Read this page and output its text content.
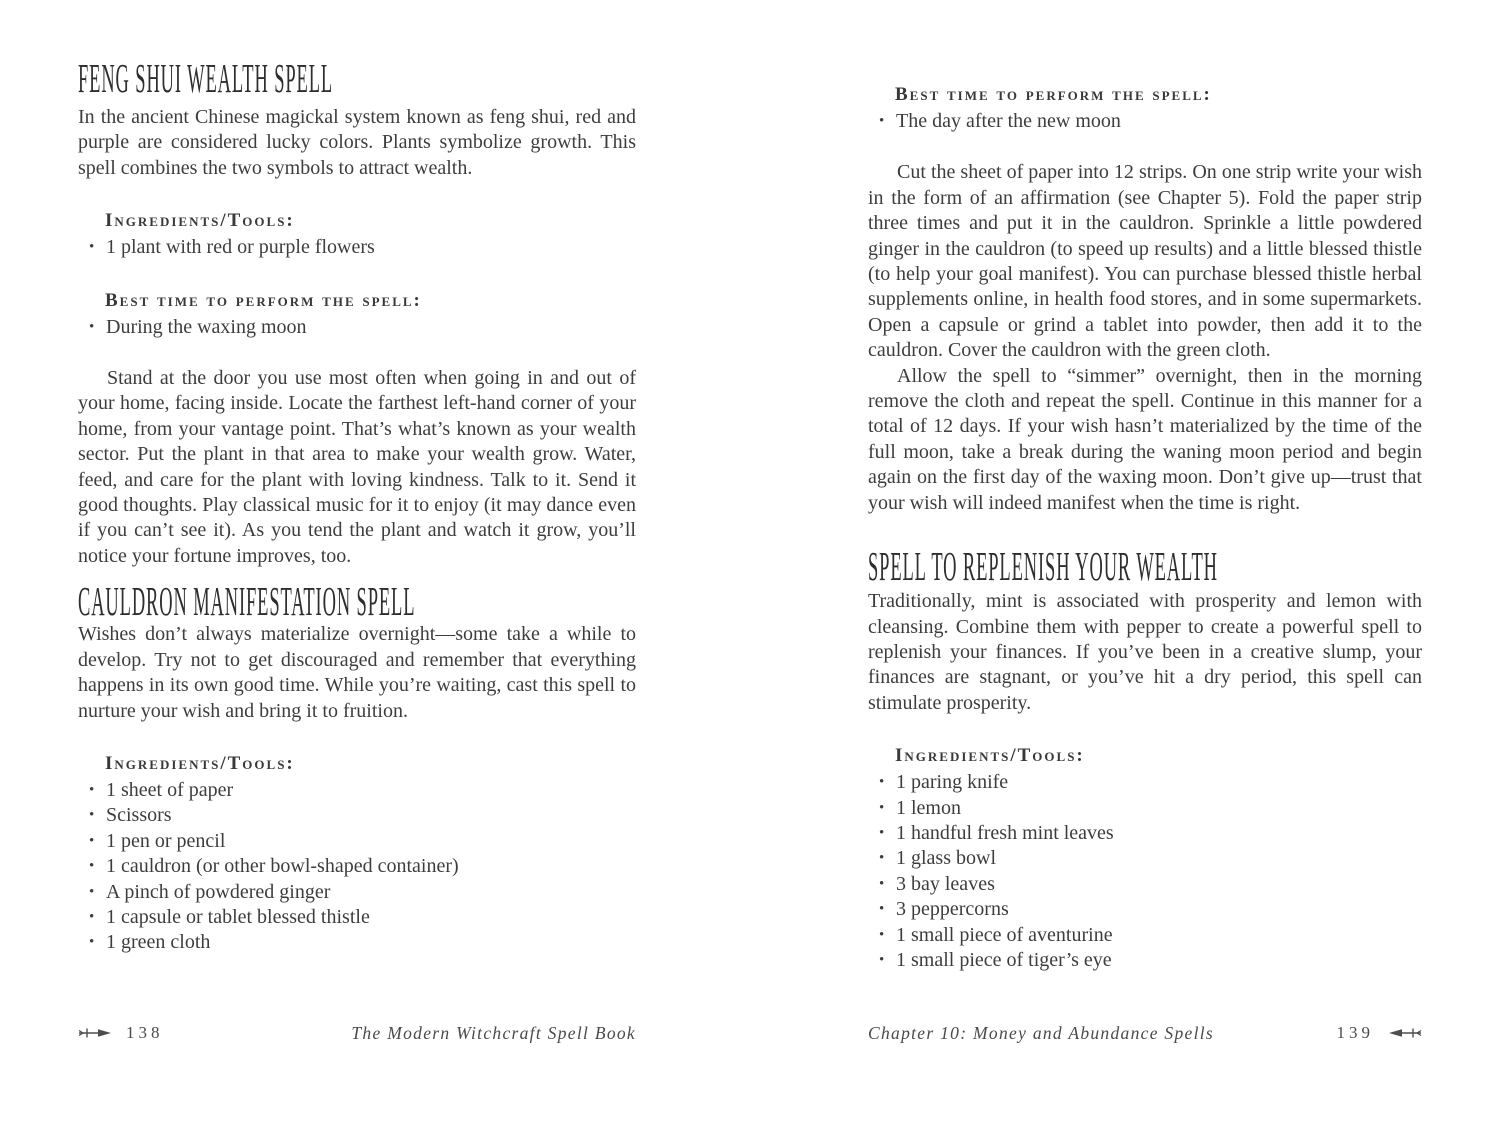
FENG SHUI WEALTH SPELL

In the ancient Chinese magickal system known as feng shui, red and purple are considered lucky colors. Plants symbolize growth. This spell combines the two symbols to attract wealth.

Ingredients/Tools:
• 1 plant with red or purple flowers
Best time to perform the spell:
• During the waxing moon

Stand at the door you use most often when going in and out of your home, facing inside. Locate the farthest left-hand corner of your home, from your vantage point. That’s what’s known as your wealth sector. Put the plant in that area to make your wealth grow. Water, feed, and care for the plant with loving kindness. Talk to it. Send it good thoughts. Play classical music for it to enjoy (it may dance even if you can’t see it). As you tend the plant and watch it grow, you’ll notice your fortune improves, too.

CAULDRON MANIFESTATION SPELL

Wishes don’t always materialize overnight—some take a while to develop. Try not to get discouraged and remember that everything happens in its own good time. While you’re waiting, cast this spell to nurture your wish and bring it to fruition.

Ingredients/Tools:
• 1 sheet of paper
• Scissors
• 1 pen or pencil
• 1 cauldron (or other bowl-shaped container)
• A pinch of powdered ginger
• 1 capsule or tablet blessed thistle
• 1 green cloth
138	The Modern Witchcraft Spell Book
Best time to perform the spell:
• The day after the new moon

Cut the sheet of paper into 12 strips. On one strip write your wish in the form of an affirmation (see Chapter 5). Fold the paper strip three times and put it in the cauldron. Sprinkle a little powdered ginger in the cauldron (to speed up results) and a little blessed thistle (to help your goal manifest). You can purchase blessed thistle herbal supplements online, in health food stores, and in some supermarkets. Open a capsule or grind a tablet into powder, then add it to the cauldron. Cover the cauldron with the green cloth.

Allow the spell to “simmer” overnight, then in the morning remove the cloth and repeat the spell. Continue in this manner for a total of 12 days. If your wish hasn’t materialized by the time of the full moon, take a break during the waning moon period and begin again on the first day of the waxing moon. Don’t give up—trust that your wish will indeed manifest when the time is right.

SPELL TO REPLENISH YOUR WEALTH

Traditionally, mint is associated with prosperity and lemon with cleansing. Combine them with pepper to create a powerful spell to replenish your finances. If you’ve been in a creative slump, your finances are stagnant, or you’ve hit a dry period, this spell can stimulate prosperity.

Ingredients/Tools:
• 1 paring knife
• 1 lemon
• 1 handful fresh mint leaves
• 1 glass bowl
• 3 bay leaves
• 3 peppercorns
• 1 small piece of aventurine
• 1 small piece of tiger’s eye
Chapter 10: Money and Abundance Spells	139
